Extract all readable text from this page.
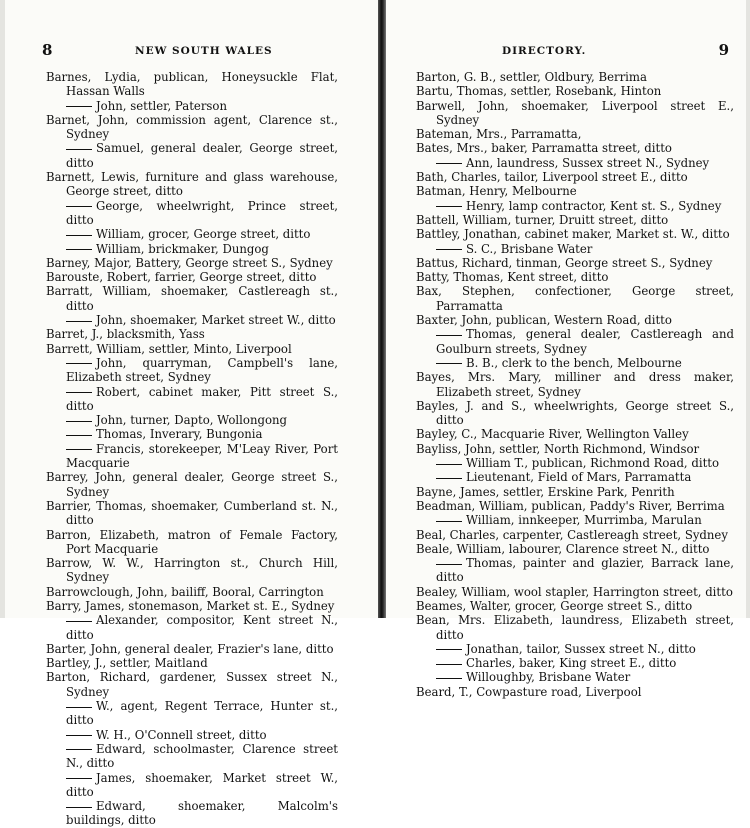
8	NEW SOUTH WALES
Barnes, Lydia, publican, Honeysuckle Flat, Hassan Walls
John, settler, Paterson
Barnet, John, commission agent, Clarence st., Sydney
Samuel, general dealer, George street, ditto
Barnett, Lewis, furniture and glass warehouse, George street, ditto
George, wheelwright, Prince street, ditto
William, grocer, George street, ditto
William, brickmaker, Dungog
Barney, Major, Battery, George street S., Sydney
Barouste, Robert, farrier, George street, ditto
Barratt, William, shoemaker, Castlereagh st., ditto
John, shoemaker, Market street W., ditto
Barret, J., blacksmith, Yass
Barrett, William, settler, Minto, Liverpool
John, quarryman, Campbell's lane, Elizabeth street, Sydney
Robert, cabinet maker, Pitt street S., ditto
John, turner, Dapto, Wollongong
Thomas, Inverary, Bungonia
Francis, storekeeper, M'Leay River, Port Macquarie
Barrey, John, general dealer, George street S., Sydney
Barrier, Thomas, shoemaker, Cumberland st. N., ditto
Barron, Elizabeth, matron of Female Factory, Port Macquarie
Barrow, W. W., Harrington st., Church Hill, Sydney
Barrowclough, John, bailiff, Booral, Carrington
Barry, James, stonemason, Market st. E., Sydney
Alexander, compositor, Kent street N., ditto
Barter, John, general dealer, Frazier's lane, ditto
Bartley, J., settler, Maitland
Barton, Richard, gardener, Sussex street N., Sydney
W., agent, Regent Terrace, Hunter st., ditto
W. H., O'Connell street, ditto
Edward, schoolmaster, Clarence street N., ditto
James, shoemaker, Market street W., ditto
Edward, shoemaker, Malcolm's buildings, ditto
DIRECTORY.	9
Barton, G. B., settler, Oldbury, Berrima
Bartu, Thomas, settler, Rosebank, Hinton
Barwell, John, shoemaker, Liverpool street E., Sydney
Bateman, Mrs., Parramatta,
Bates, Mrs., baker, Parramatta street, ditto
Ann, laundress, Sussex street N., Sydney
Bath, Charles, tailor, Liverpool street E., ditto
Batman, Henry, Melbourne
Henry, lamp contractor, Kent st. S., Sydney
Battell, William, turner, Druitt street, ditto
Battley, Jonathan, cabinet maker, Market st. W., ditto
S. C., Brisbane Water
Battus, Richard, tinman, George street S., Sydney
Batty, Thomas, Kent street, ditto
Bax, Stephen, confectioner, George street, Parramatta
Baxter, John, publican, Western Road, ditto
Thomas, general dealer, Castlereagh and Goulburn streets, Sydney
B. B., clerk to the bench, Melbourne
Bayes, Mrs. Mary, milliner and dress maker, Elizabeth street, Sydney
Bayles, J. and S., wheelwrights, George street S., ditto
Bayley, C., Macquarie River, Wellington Valley
Bayliss, John, settler, North Richmond, Windsor
William T., publican, Richmond Road, ditto
Lieutenant, Field of Mars, Parramatta
Bayne, James, settler, Erskine Park, Penrith
Beadman, William, publican, Paddy's River, Berrima
William, innkeeper, Murrimba, Marulan
Beal, Charles, carpenter, Castlereagh street, Sydney
Beale, William, labourer, Clarence street N., ditto
Thomas, painter and glazier, Barrack lane, ditto
Bealey, William, wool stapler, Harrington street, ditto
Beames, Walter, grocer, George street S., ditto
Bean, Mrs. Elizabeth, laundress, Elizabeth street, ditto
Jonathan, tailor, Sussex street N., ditto
Charles, baker, King street E., ditto
Willoughby, Brisbane Water
Beard, T., Cowpasture road, Liverpool
